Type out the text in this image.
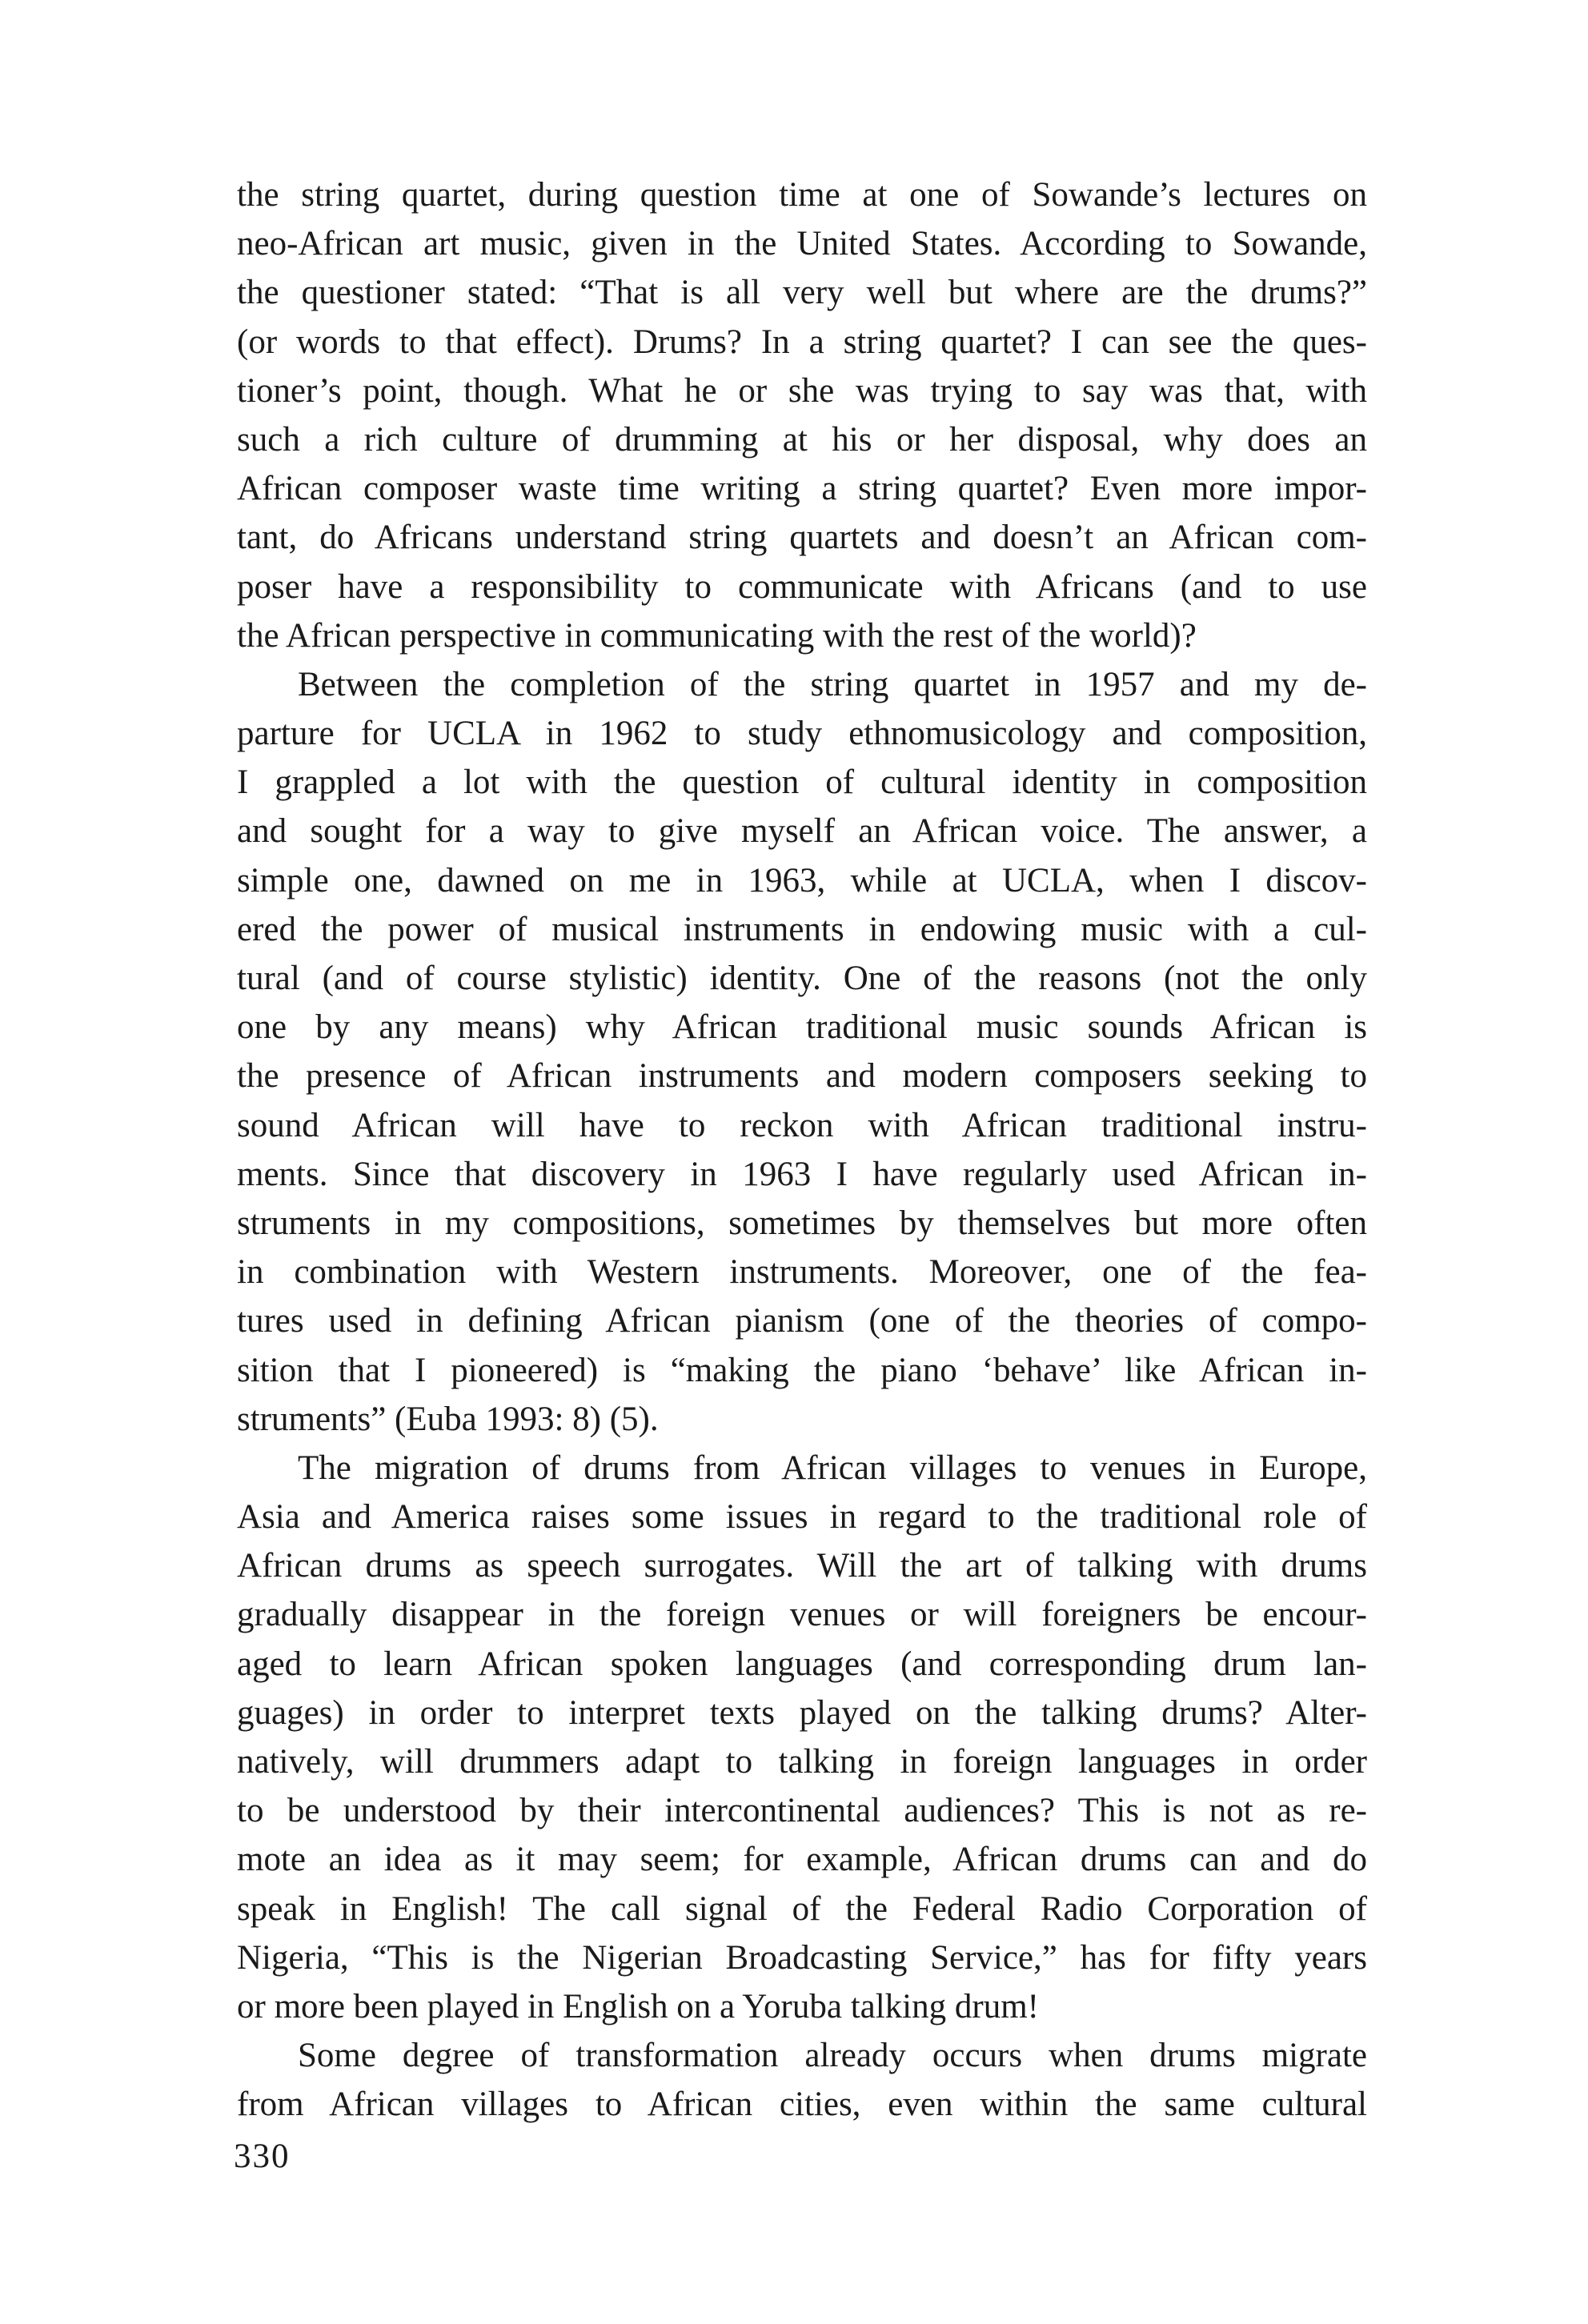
the string quartet, during question time at one of Sowande’s lectures on
neo-African art music, given in the United States. According to Sowande,
the questioner stated: “That is all very well but where are the drums?”
(or words to that effect). Drums? In a string quartet? I can see the ques-
tioner’s point, though. What he or she was trying to say was that, with
such a rich culture of drumming at his or her disposal, why does an
African composer waste time writing a string quartet? Even more impor-
tant, do Africans understand string quartets and doesn’t an African com-
poser have a responsibility to communicate with Africans (and to use
the African perspective in communicating with the rest of the world)?
Between the completion of the string quartet in 1957 and my de-
parture for UCLA in 1962 to study ethnomusicology and composition,
I grappled a lot with the question of cultural identity in composition
and sought for a way to give myself an African voice. The answer, a
simple one, dawned on me in 1963, while at UCLA, when I discov-
ered the power of musical instruments in endowing music with a cul-
tural (and of course stylistic) identity. One of the reasons (not the only
one by any means) why African traditional music sounds African is
the presence of African instruments and modern composers seeking to
sound African will have to reckon with African traditional instru-
ments. Since that discovery in 1963 I have regularly used African in-
struments in my compositions, sometimes by themselves but more often
in combination with Western instruments. Moreover, one of the fea-
tures used in defining African pianism (one of the theories of compo-
sition that I pioneered) is “making the piano ‘behave’ like African in-
struments” (Euba 1993: 8) (5).
The migration of drums from African villages to venues in Europe,
Asia and America raises some issues in regard to the traditional role of
African drums as speech surrogates. Will the art of talking with drums
gradually disappear in the foreign venues or will foreigners be encour-
aged to learn African spoken languages (and corresponding drum lan-
guages) in order to interpret texts played on the talking drums? Alter-
natively, will drummers adapt to talking in foreign languages in order
to be understood by their intercontinental audiences? This is not as re-
mote an idea as it may seem; for example, African drums can and do
speak in English! The call signal of the Federal Radio Corporation of
Nigeria, “This is the Nigerian Broadcasting Service,” has for fifty years
or more been played in English on a Yoruba talking drum!
Some degree of transformation already occurs when drums migrate
from African villages to African cities, even within the same cultural
330
